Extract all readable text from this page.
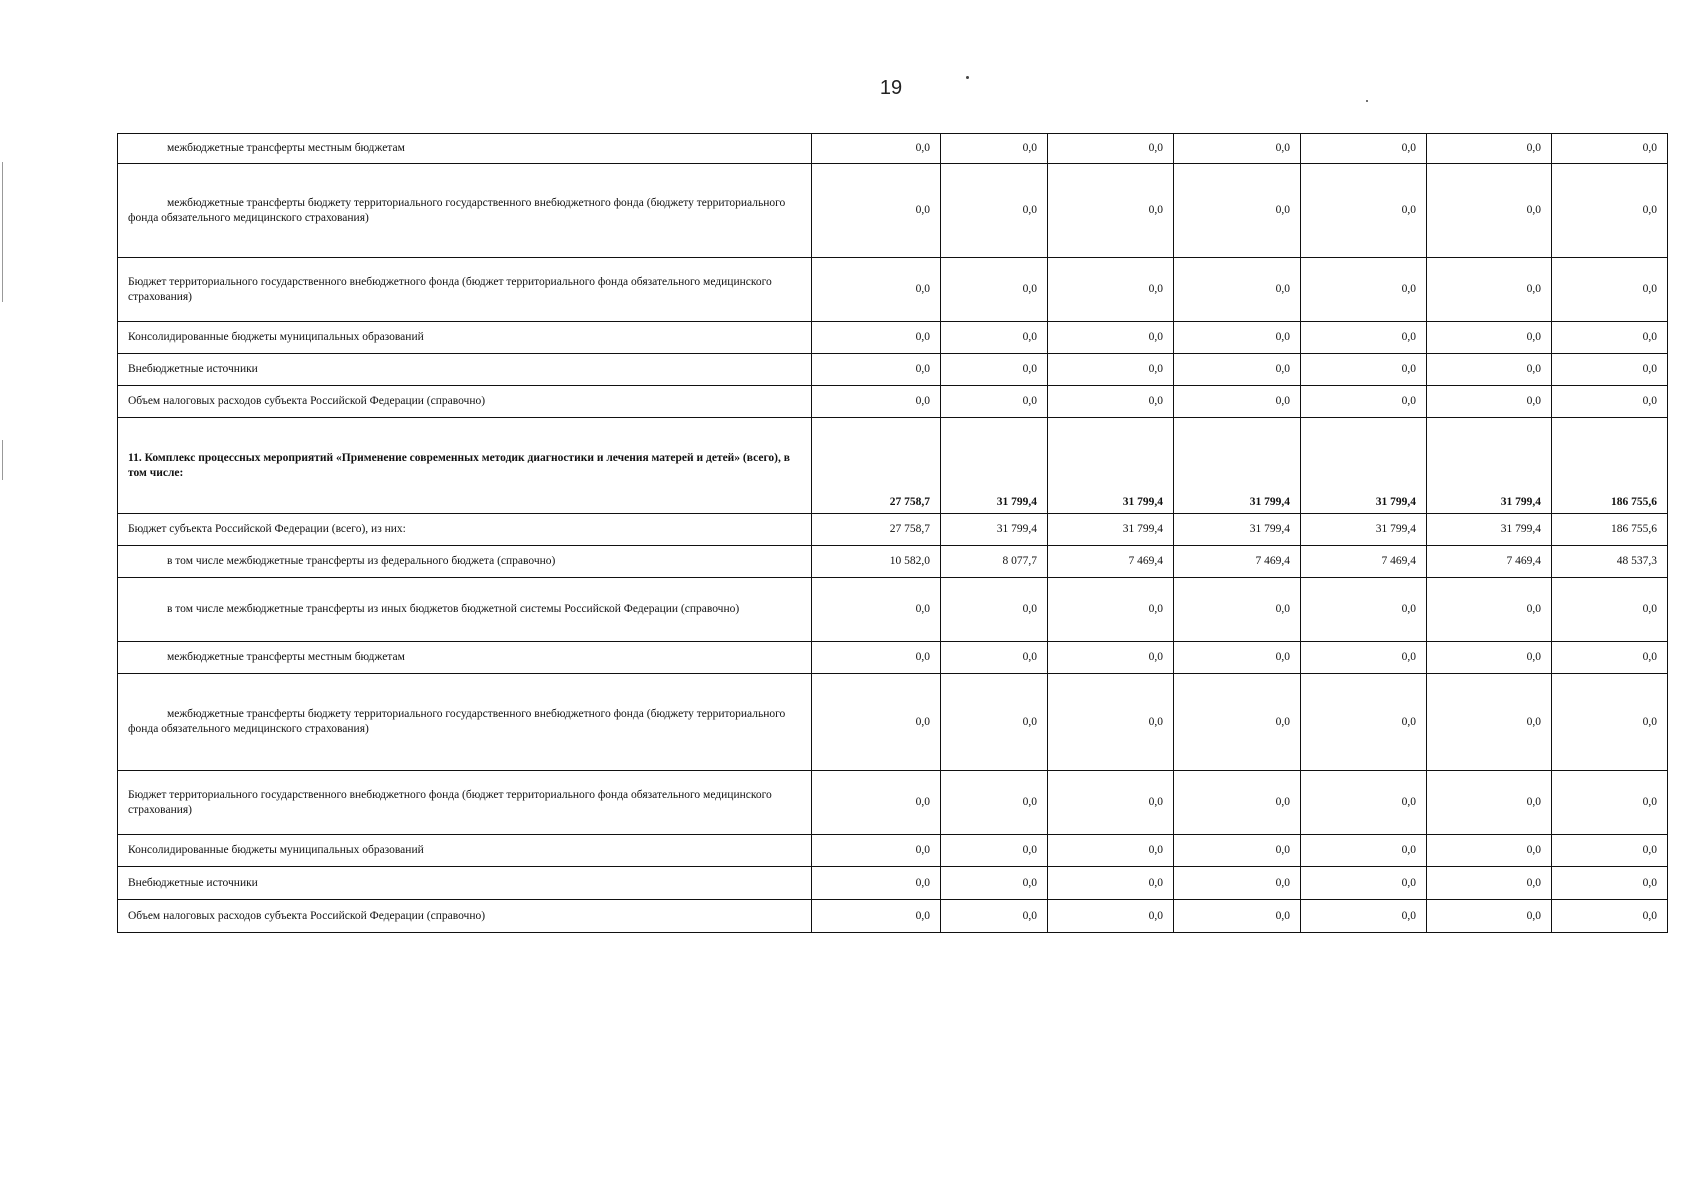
19
межбюджетные трансферты местным бюджетам	0,0	0,0	0,0	0,0	0,0	0,0	0,0
межбюджетные трансферты бюджету территориального государственного внебюджетного фонда (бюджету территориального фонда обязательного медицинского страхования)	0,0	0,0	0,0	0,0	0,0	0,0	0,0
Бюджет территориального государственного внебюджетного фонда (бюджет территориального фонда обязательного медицинского страхования)	0,0	0,0	0,0	0,0	0,0	0,0	0,0
Консолидированные бюджеты муниципальных образований	0,0	0,0	0,0	0,0	0,0	0,0	0,0
Внебюджетные источники	0,0	0,0	0,0	0,0	0,0	0,0	0,0
Объем налоговых расходов субъекта Российской Федерации (справочно)	0,0	0,0	0,0	0,0	0,0	0,0	0,0
11. Комплекс процессных мероприятий «Применение современных методик диагностики и лечения матерей и детей» (всего), в том числе:	27 758,7	31 799,4	31 799,4	31 799,4	31 799,4	31 799,4	186 755,6
Бюджет субъекта Российской Федерации (всего), из них:	27 758,7	31 799,4	31 799,4	31 799,4	31 799,4	31 799,4	186 755,6
в том числе межбюджетные трансферты из федерального бюджета (справочно)	10 582,0	8 077,7	7 469,4	7 469,4	7 469,4	7 469,4	48 537,3
в том числе межбюджетные трансферты из иных бюджетов бюджетной системы Российской Федерации (справочно)	0,0	0,0	0,0	0,0	0,0	0,0	0,0
межбюджетные трансферты местным бюджетам	0,0	0,0	0,0	0,0	0,0	0,0	0,0
межбюджетные трансферты бюджету территориального государственного внебюджетного фонда (бюджету территориального фонда обязательного медицинского страхования)	0,0	0,0	0,0	0,0	0,0	0,0	0,0
Бюджет территориального государственного внебюджетного фонда (бюджет территориального фонда обязательного медицинского страхования)	0,0	0,0	0,0	0,0	0,0	0,0	0,0
Консолидированные бюджеты муниципальных образований	0,0	0,0	0,0	0,0	0,0	0,0	0,0
Внебюджетные источники	0,0	0,0	0,0	0,0	0,0	0,0	0,0
Объем налоговых расходов субъекта Российской Федерации (справочно)	0,0	0,0	0,0	0,0	0,0	0,0	0,0
